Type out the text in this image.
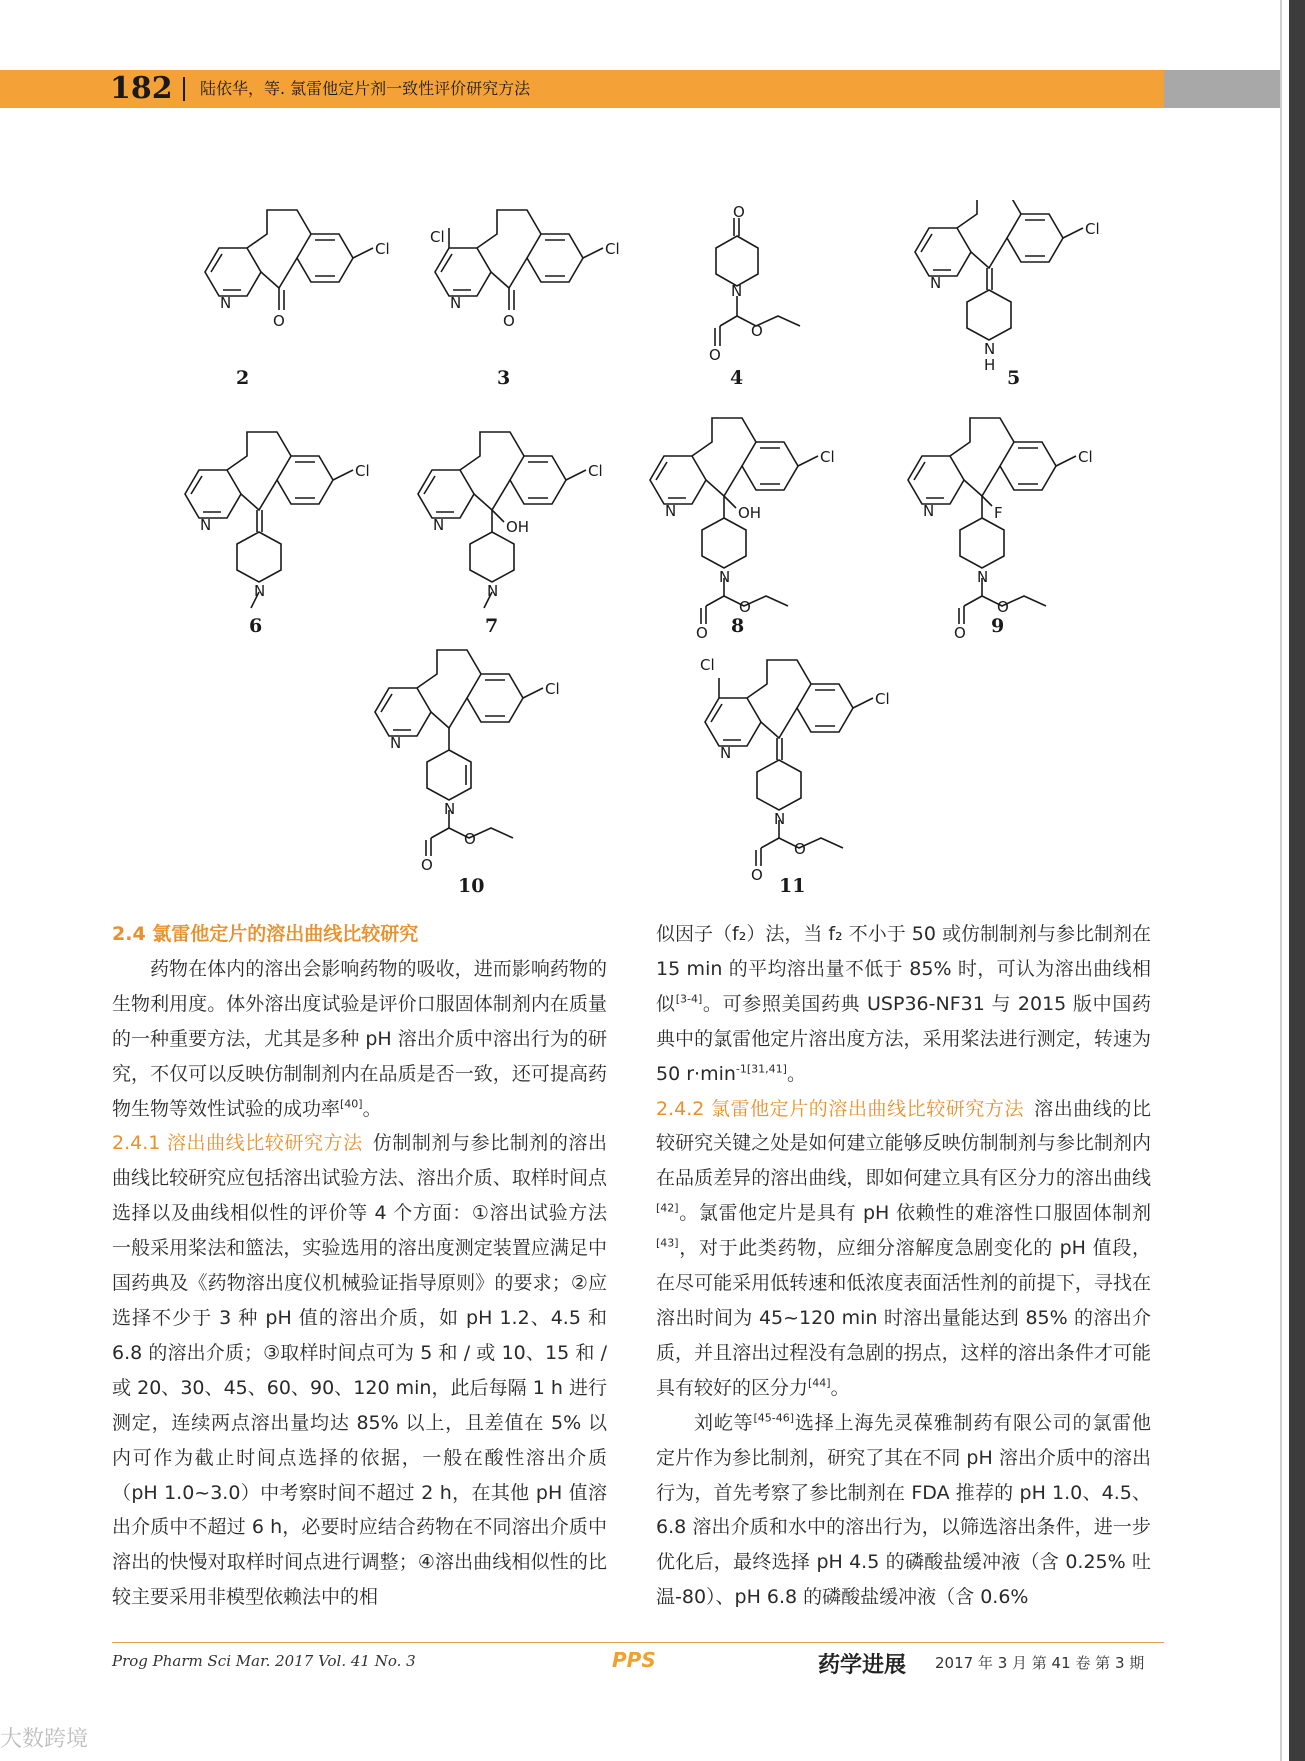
182 陆依华，等. 氯雷他定片剂一致性评价研究方法
Cl
N
O
Cl
Cl
N
O
O
N
O
O
Cl
N
N
H
2	3	4	5
Cl
N
N
Cl
N	OH
N
Cl
N	OH
N
O
O
Cl
N	F
N
O
O
6	7	8	9
Cl
N
N
O
O
Cl
Cl
N
N
O
O
10	11

2.4 氯雷他定片的溶出曲线比较研究

药物在体内的溶出会影响药物的吸收，进而影响药物的生物利用度。体外溶出度试验是评价口服固体制剂内在质量的一种重要方法，尤其是多种 pH 溶出介质中溶出行为的研究，不仅可以反映仿制制剂内在品质是否一致，还可提高药物生物等效性试验的成功率[40]。

2.4.1 溶出曲线比较研究方法  仿制制剂与参比制剂的溶出曲线比较研究应包括溶出试验方法、溶出介质、取样时间点选择以及曲线相似性的评价等 4 个方面：①溶出试验方法一般采用桨法和篮法，实验选用的溶出度测定装置应满足中国药典及《药物溶出度仪机械验证指导原则》的要求；②应选择不少于 3 种 pH 值的溶出介质，如 pH 1.2、4.5 和 6.8 的溶出介质；③取样时间点可为 5 和 / 或 10、15 和 / 或 20、30、45、60、90、120 min，此后每隔 1 h 进行测定，连续两点溶出量均达 85% 以上，且差值在 5% 以内可作为截止时间点选择的依据，一般在酸性溶出介质（pH 1.0~3.0）中考察时间不超过 2 h，在其他 pH 值溶出介质中不超过 6 h，必要时应结合药物在不同溶出介质中溶出的快慢对取样时间点进行调整；④溶出曲线相似性的比较主要采用非模型依赖法中的相

似因子（f₂）法，当 f₂ 不小于 50 或仿制制剂与参比制剂在 15 min 的平均溶出量不低于 85% 时，可认为溶出曲线相似[3-4]。可参照美国药典 USP36-NF31 与 2015 版中国药典中的氯雷他定片溶出度方法，采用桨法进行测定，转速为 50 $r\cdot\min^{-1[31,41]}$。

2.4.2 氯雷他定片的溶出曲线比较研究方法  溶出曲线的比较研究关键之处是如何建立能够反映仿制制剂与参比制剂内在品质差异的溶出曲线，即如何建立具有区分力的溶出曲线[42]。氯雷他定片是具有 pH 依赖性的难溶性口服固体制剂[43]，对于此类药物，应细分溶解度急剧变化的 pH 值段，在尽可能采用低转速和低浓度表面活性剂的前提下，寻找在溶出时间为 45~120 min 时溶出量能达到 85% 的溶出介质，并且溶出过程没有急剧的拐点，这样的溶出条件才可能具有较好的区分力[44]。

刘屹等[45-46]选择上海先灵葆雅制药有限公司的氯雷他定片作为参比制剂，研究了其在不同 pH 溶出介质中的溶出行为，首先考察了参比制剂在 FDA 推荐的 pH 1.0、4.5、6.8 溶出介质和水中的溶出行为，以筛选溶出条件，进一步优化后，最终选择 pH 4.5 的磷酸盐缓冲液（含 0.25% 吐温-80）、pH 6.8 的磷酸盐缓冲液（含 0.6%

Prog Pharm Sci Mar. 2017 Vol. 41 No. 3	PPS	药学进展 2017 年 3 月 第 41 卷 第 3 期
大数跨境
